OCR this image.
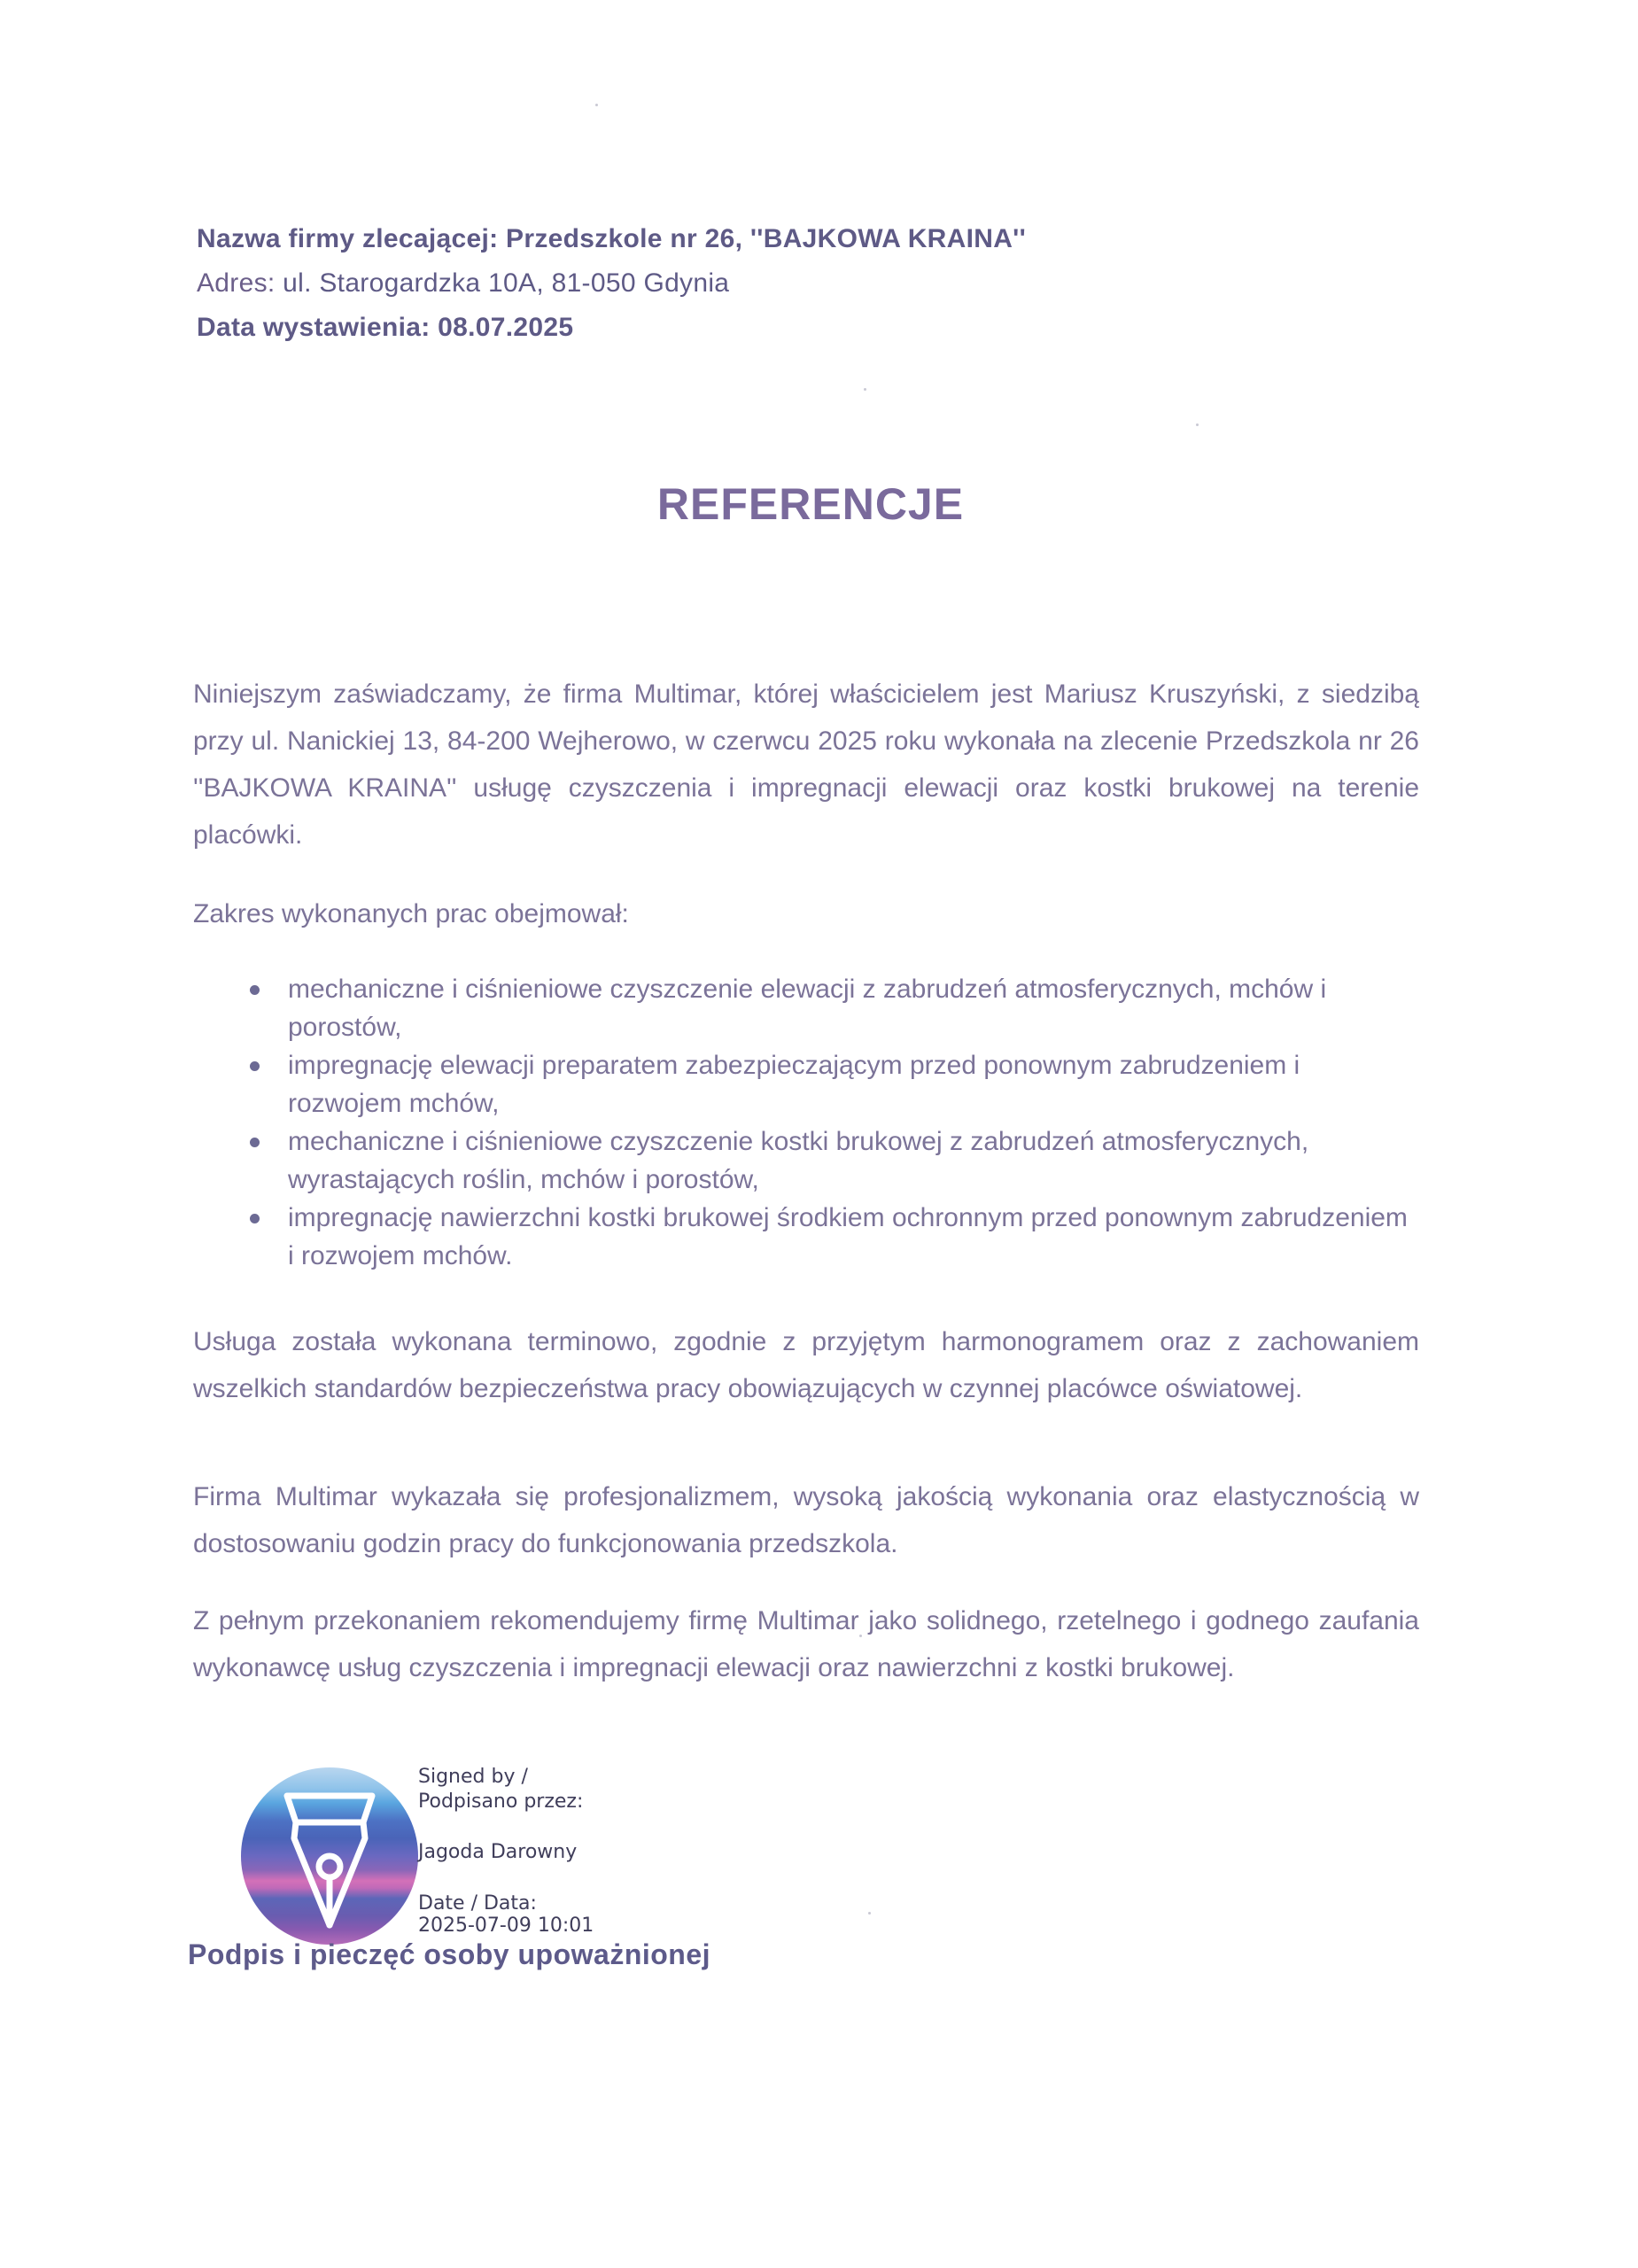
Nazwa firmy zlecającej: Przedszkole nr 26, ''BAJKOWA KRAINA''
Adres: ul. Starogardzka 10A, 81-050 Gdynia
Data wystawienia: 08.07.2025
REFERENCJE
Niniejszym zaświadczamy, że firma Multimar, której właścicielem jest Mariusz Kruszyński, z siedzibą przy ul. Nanickiej 13, 84-200 Wejherowo, w czerwcu 2025 roku wykonała na zlecenie Przedszkola nr 26 ''BAJKOWA KRAINA'' usługę czyszczenia i impregnacji elewacji oraz kostki brukowej na terenie placówki.
Zakres wykonanych prac obejmował:
mechaniczne i ciśnieniowe czyszczenie elewacji z zabrudzeń atmosferycznych, mchów i porostów,
impregnację elewacji preparatem zabezpieczającym przed ponownym zabrudzeniem i rozwojem mchów,
mechaniczne i ciśnieniowe czyszczenie kostki brukowej z zabrudzeń atmosferycznych, wyrastających roślin, mchów i porostów,
impregnację nawierzchni kostki brukowej środkiem ochronnym przed ponownym zabrudzeniem i rozwojem mchów.
Usługa została wykonana terminowo, zgodnie z przyjętym harmonogramem oraz z zachowaniem wszelkich standardów bezpieczeństwa pracy obowiązujących w czynnej placówce oświatowej.
Firma Multimar wykazała się profesjonalizmem, wysoką jakością wykonania oraz elastycznością w dostosowaniu godzin pracy do funkcjonowania przedszkola.
Z pełnym przekonaniem rekomendujemy firmę Multimar jako solidnego, rzetelnego i godnego zaufania wykonawcę usług czyszczenia i impregnacji elewacji oraz nawierzchni z kostki brukowej.
Signed by /
Podpisano przez:
Jagoda Darowny
Date / Data:
2025-07-09 10:01
Podpis i pieczęć osoby upoważnionej
